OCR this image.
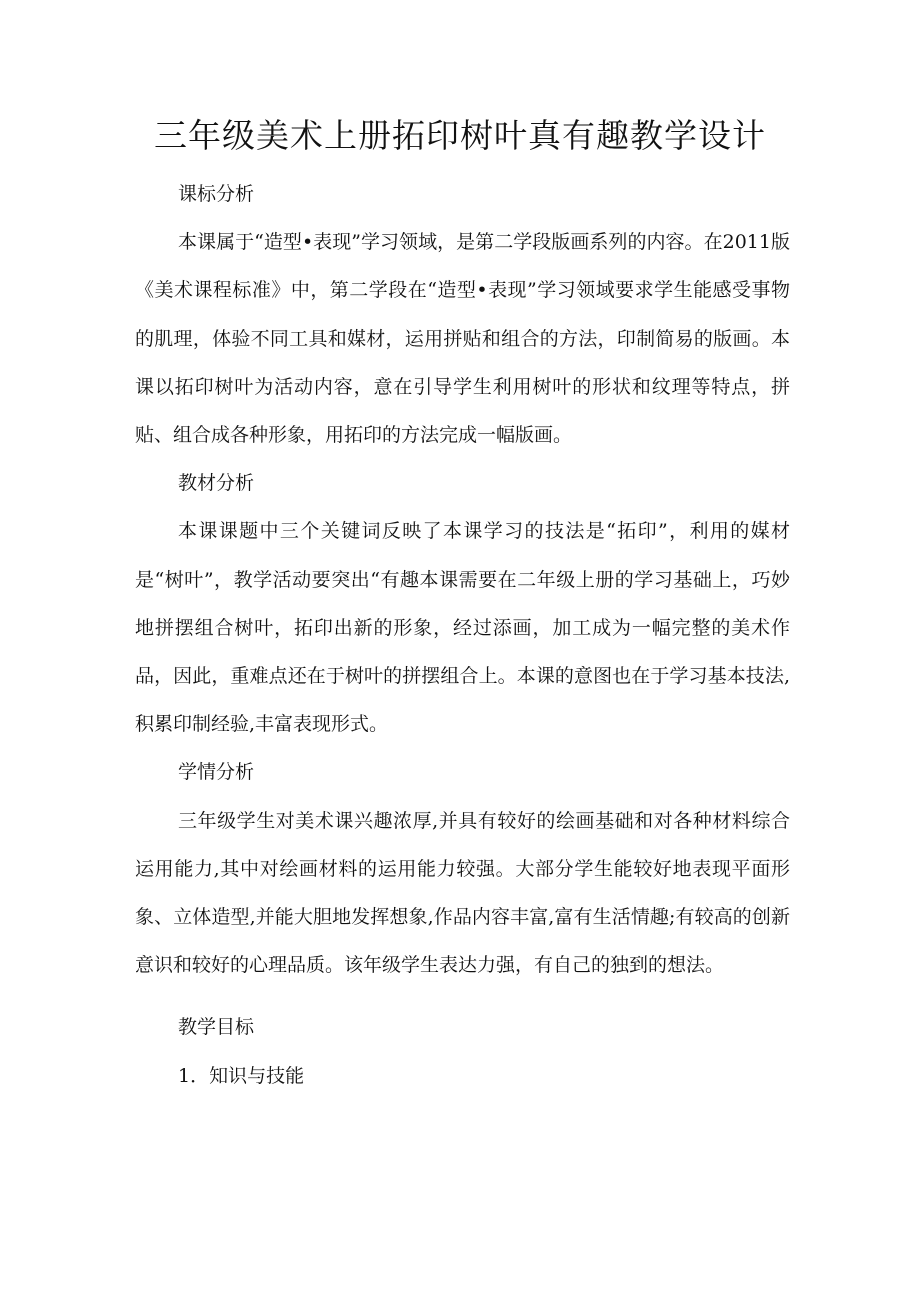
三年级美术上册拓印树叶真有趣教学设计
课标分析

本课属于“造型•表现”学习领域，是第二学段版画系列的内容。在2011版《美术课程标准》中，第二学段在“造型•表现”学习领域要求学生能感受事物的肌理，体验不同工具和媒材，运用拼贴和组合的方法，印制简易的版画。本课以拓印树叶为活动内容，意在引导学生利用树叶的形状和纹理等特点，拼贴、组合成各种形象，用拓印的方法完成一幅版画。

教材分析

本课课题中三个关键词反映了本课学习的技法是“拓印”，利用的媒材是“树叶”，教学活动要突出“有趣本课需要在二年级上册的学习基础上，巧妙地拼摆组合树叶，拓印出新的形象，经过添画，加工成为一幅完整的美术作品，因此，重难点还在于树叶的拼摆组合上。本课的意图也在于学习基本技法,积累印制经验,丰富表现形式。

学情分析

三年级学生对美术课兴趣浓厚,并具有较好的绘画基础和对各种材料综合运用能力,其中对绘画材料的运用能力较强。大部分学生能较好地表现平面形象、立体造型,并能大胆地发挥想象,作品内容丰富,富有生活情趣;有较高的创新意识和较好的心理品质。该年级学生表达力强，有自己的独到的想法。

教学目标

1．知识与技能
